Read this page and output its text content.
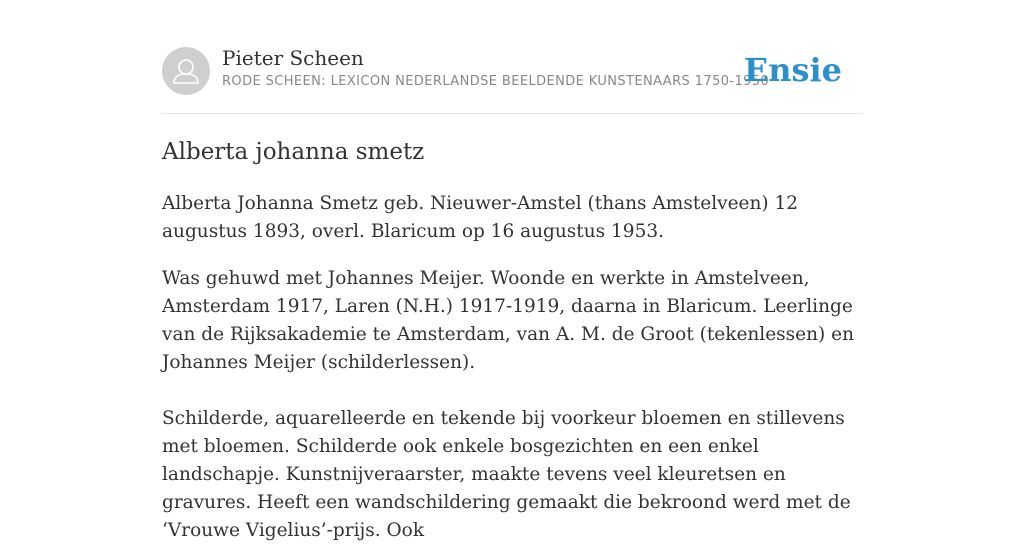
Pieter Scheen
RODE SCHEEN: LEXICON NEDERLANDSE BEELDENDE KUNSTENAARS 1750-1950
Ensie
Alberta johanna smetz

Alberta Johanna Smetz geb. Nieuwer-Amstel (thans Amstelveen) 12 augustus 1893, overl. Blaricum op 16 augustus 1953.

Was gehuwd met Johannes Meijer. Woonde en werkte in Amstelveen, Amsterdam 1917, Laren (N.H.) 1917-1919, daarna in Blaricum. Leerlinge van de Rijksakademie te Amsterdam, van A. M. de Groot (tekenlessen) en Johannes Meijer (schilderlessen).

Schilderde, aquarelleerde en tekende bij voorkeur bloemen en stillevens met bloemen. Schilderde ook enkele bosgezichten en een enkel landschapje. Kunstnijveraarster, maakte tevens veel kleuretsen en gravures. Heeft een wandschildering gemaakt die bekroond werd met de ‘Vrouwe Vigelius’-prijs. Ook
